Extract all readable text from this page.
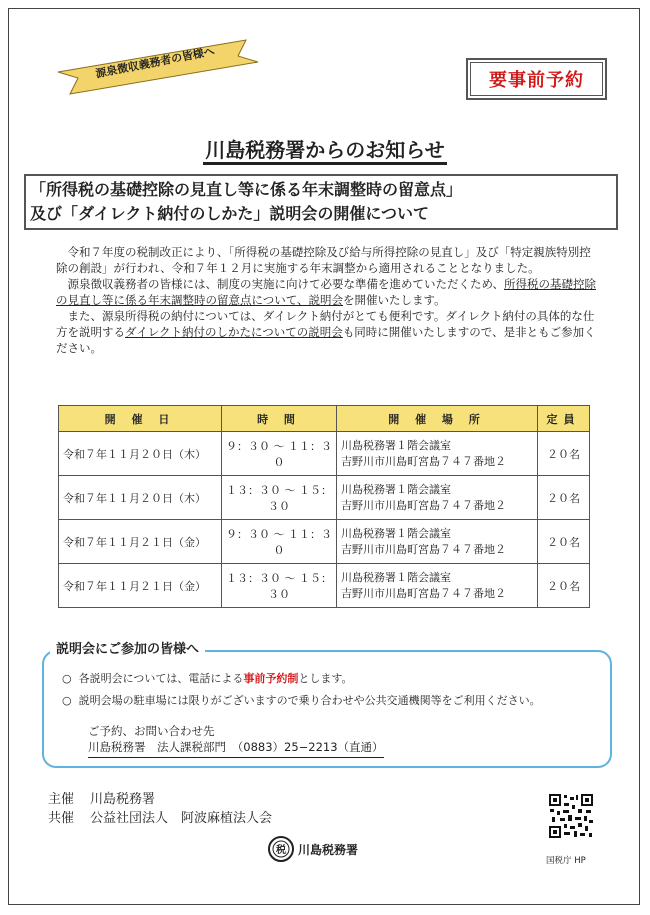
源泉徴収義務者の皆様へ
要事前予約
川島税務署からのお知らせ
「所得税の基礎控除の見直し等に係る年末調整時の留意点」
及び「ダイレクト納付のしかた」説明会の開催について

令和７年度の税制改正により、「所得税の基礎控除及び給与所得控除の見直し」及び「特定親族特別控除の創設」が行われ、令和７年１２月に実施する年末調整から適用されることとなりました。

源泉徴収義務者の皆様には、制度の実施に向けて必要な準備を進めていただくため、所得税の基礎控除の見直し等に係る年末調整時の留意点について、説明会を開催いたします。

また、源泉所得税の納付については、ダイレクト納付がとても便利です。ダイレクト納付の具体的な仕方を説明するダイレクト納付のしかたについての説明会も同時に開催いたしますので、是非ともご参加ください。

開 催 日	時 間	開 催 場 所	定員
令和７年１１月２０日（木）	９：３０ ～ １１：３０	川島税務署１階会議室
吉野川市川島町宮島７４７番地２	２０名
令和７年１１月２０日（木）	１３：３０ ～ １５：３０	川島税務署１階会議室
吉野川市川島町宮島７４７番地２	２０名
令和７年１１月２１日（金）	９：３０ ～ １１：３０	川島税務署１階会議室
吉野川市川島町宮島７４７番地２	２０名
令和７年１１月２１日（金）	１３：３０ ～ １５：３０	川島税務署１階会議室
吉野川市川島町宮島７４７番地２	２０名
説明会にご参加の皆様へ
○ 各説明会については、電話による事前予約制とします。
○ 説明会場の駐車場には限りがございますので乗り合わせや公共交通機関等をご利用ください。
ご予約、お問い合わせ先
川島税務署　法人課税部門　（0883）25−2213（直通）
主催 川島税務署
共催 公益社団法人　阿波麻植法人会
税 川島税務署
国税庁 HP
